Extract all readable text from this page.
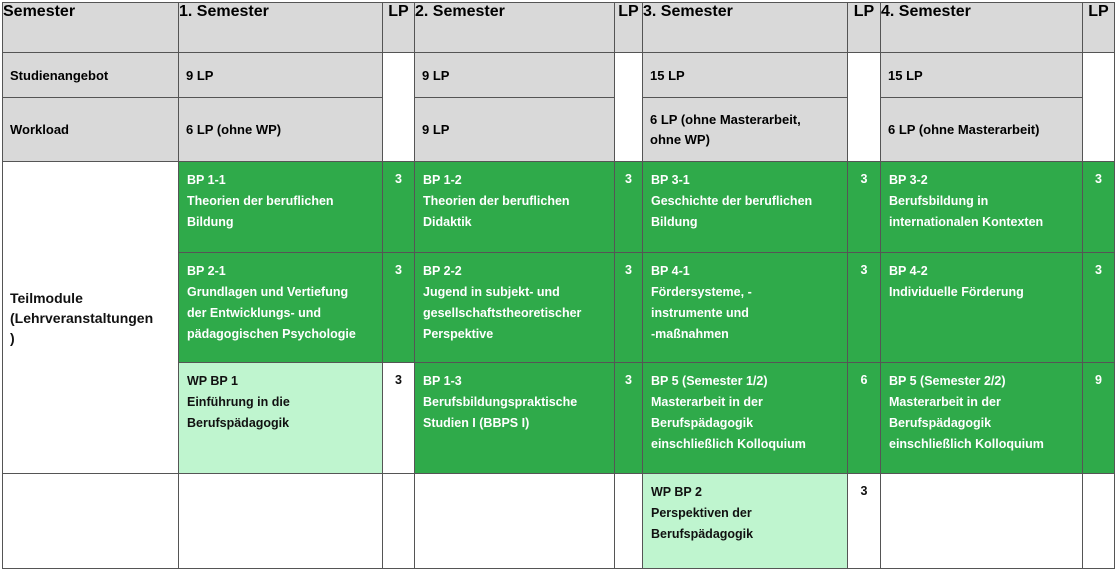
Semester	1. Semester	LP	2. Semester	LP	3. Semester	LP	4. Semester	LP
Studienangebot	9 LP		9 LP		15 LP		15 LP	
Workload	6 LP (ohne WP)		9 LP		6 LP (ohne Masterarbeit,
ohne WP)		6 LP (ohne Masterarbeit)	

Teilmodule
(Lehrveranstaltungen
)	BP 1-1
Theorien der beruflichen
Bildung	3	BP 1-2
Theorien der beruflichen
Didaktik	3	BP 3-1
Geschichte der beruflichen
Bildung	3	BP 3-2
Berufsbildung in
internationalen Kontexten	3

	BP 2-1
Grundlagen und Vertiefung
der Entwicklungs- und
pädagogischen Psychologie	3	BP 2-2
Jugend in subjekt- und
gesellschaftstheoretischer
Perspektive	3	BP 4-1
Fördersysteme, -
instrumente und
-maßnahmen	3	BP 4-2
Individuelle Förderung	3

	WP BP 1
Einführung in die
Berufspädagogik	3	BP 1-3
Berufsbildungspraktische
Studien I (BBPS I)	3	BP 5 (Semester 1/2)
Masterarbeit in der
Berufspädagogik
einschließlich Kolloquium	6	BP 5 (Semester 2/2)
Masterarbeit in der
Berufspädagogik
einschließlich Kolloquium	9

					WP BP 2
Perspektiven der
Berufspädagogik	3		
